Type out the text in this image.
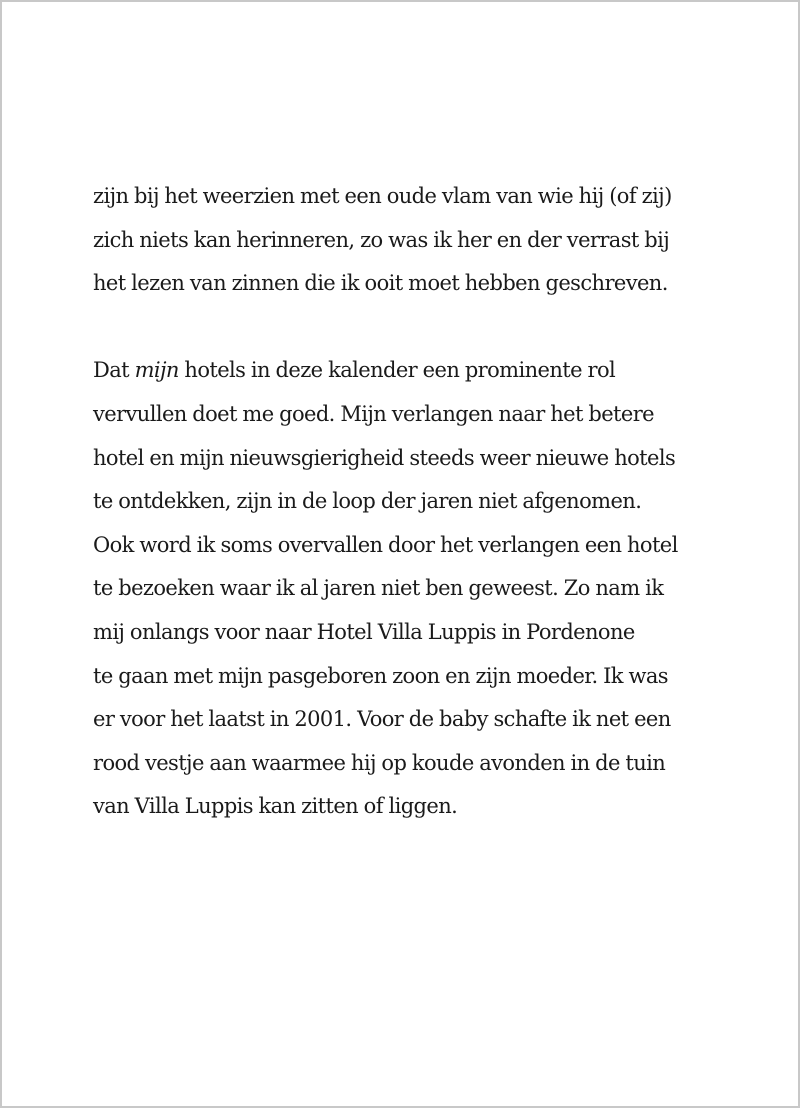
zijn bij het weerzien met een oude vlam van wie hij (of zij)
zich niets kan herinneren, zo was ik her en der verrast bij
het lezen van zinnen die ik ooit moet hebben geschreven.
Dat mijn hotels in deze kalender een prominente rol
vervullen doet me goed. Mijn verlangen naar het betere
hotel en mijn nieuwsgierigheid steeds weer nieuwe hotels
te ontdekken, zijn in de loop der jaren niet afgenomen.
Ook word ik soms overvallen door het verlangen een hotel
te bezoeken waar ik al jaren niet ben geweest. Zo nam ik
mij onlangs voor naar Hotel Villa Luppis in Pordenone
te gaan met mijn pasgeboren zoon en zijn moeder. Ik was
er voor het laatst in 2001. Voor de baby schafte ik net een
rood vestje aan waarmee hij op koude avonden in de tuin
van Villa Luppis kan zitten of liggen.
